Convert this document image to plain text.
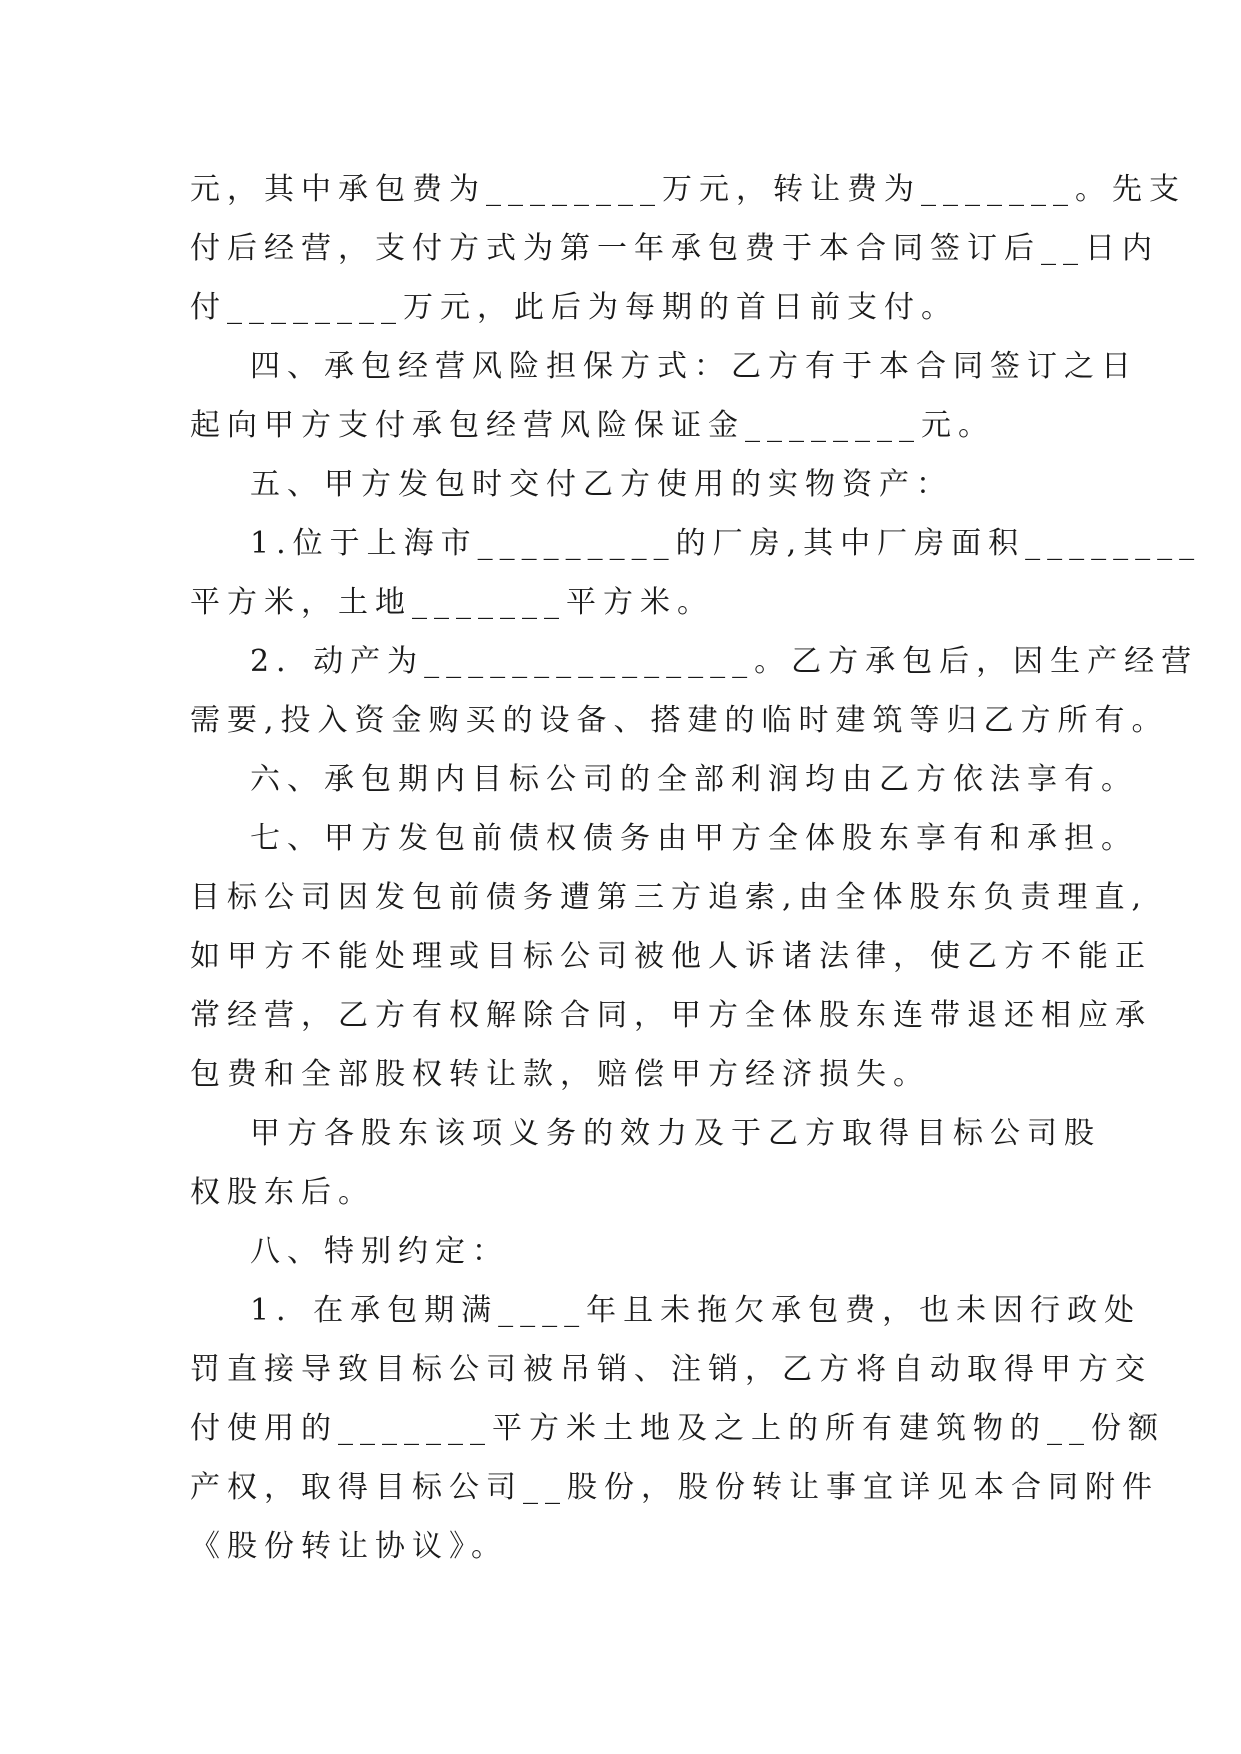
元，其中承包费为________万元，转让费为_______。先支
付后经营，支付方式为第一年承包费于本合同签订后__日内
付________万元，此后为每期的首日前支付。
四、承包经营风险担保方式：乙方有于本合同签订之日
起向甲方支付承包经营风险保证金________元。
五、甲方发包时交付乙方使用的实物资产：
1.位于上海市_________的厂房,其中厂房面积________
平方米，土地_______平方米。
2．动产为_______________。乙方承包后，因生产经营
需要,投入资金购买的设备、搭建的临时建筑等归乙方所有。
六、承包期内目标公司的全部利润均由乙方依法享有。
七、甲方发包前债权债务由甲方全体股东享有和承担。
目标公司因发包前债务遭第三方追索,由全体股东负责理直,
如甲方不能处理或目标公司被他人诉诸法律，使乙方不能正
常经营，乙方有权解除合同，甲方全体股东连带退还相应承
包费和全部股权转让款，赔偿甲方经济损失。
甲方各股东该项义务的效力及于乙方取得目标公司股
权股东后。
八、特别约定：
1．在承包期满____年且未拖欠承包费，也未因行政处
罚直接导致目标公司被吊销、注销，乙方将自动取得甲方交
付使用的_______平方米土地及之上的所有建筑物的__份额
产权，取得目标公司__股份，股份转让事宜详见本合同附件
《股份转让协议》。
